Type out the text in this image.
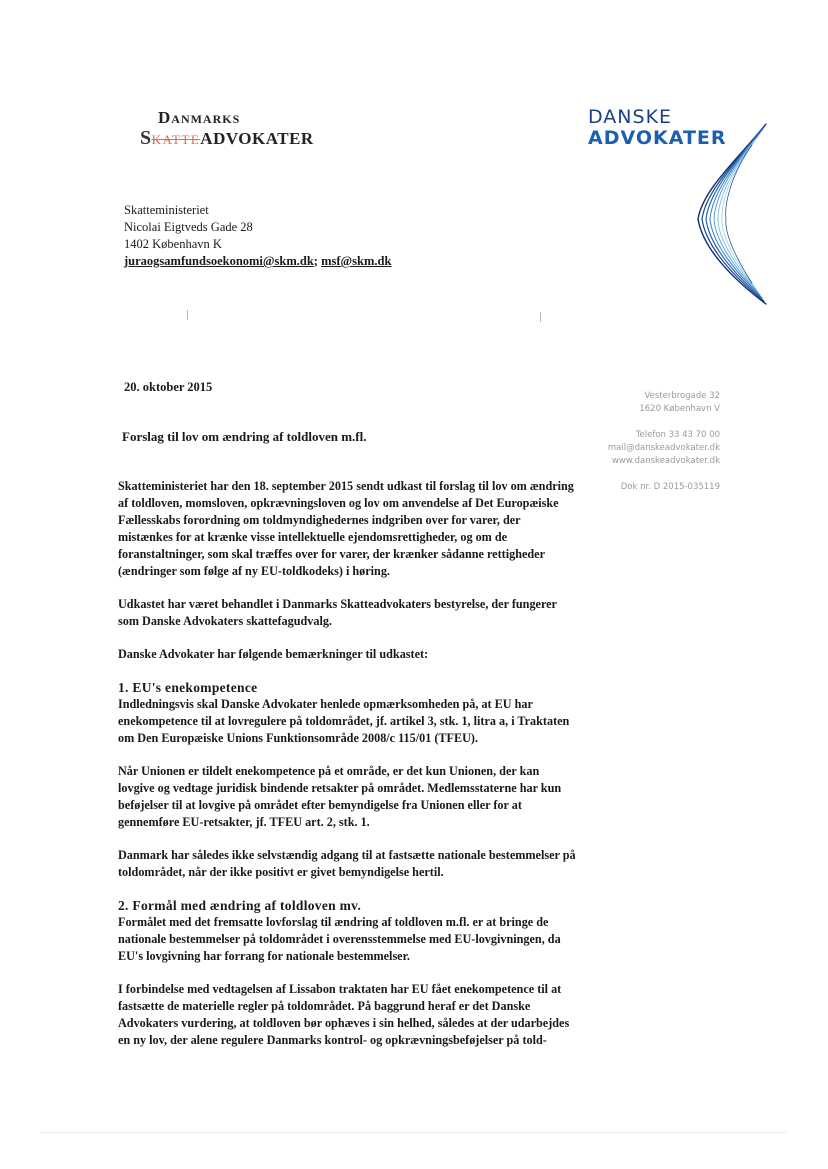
Danmarks
SKATTEADVOKATER
DANSKE
ADVOKATER
Skatteministeriet
Nicolai Eigtveds Gade 28
1402 København K
juraogsamfundsoekonomi@skm.dk; msf@skm.dk
20. oktober 2015
Forslag til lov om ændring af toldloven m.fl.
Vesterbrogade 32
1620 København V
Telefon 33 43 70 00
mail@danskeadvokater.dk
www.danskeadvokater.dk
Dok nr. D 2015-035119

Skatteministeriet har den 18. september 2015 sendt udkast til forslag til lov om ændring af toldloven, momsloven, opkrævningsloven og lov om anvendelse af Det Europæiske Fællesskabs forordning om toldmyndighedernes indgriben over for varer, der mistænkes for at krænke visse intellektuelle ejendomsrettigheder, og om de foranstaltninger, som skal træffes over for varer, der krænker sådanne rettigheder (ændringer som følge af ny EU-toldkodeks) i høring.

Udkastet har været behandlet i Danmarks Skatteadvokaters bestyrelse, der fungerer som Danske Advokaters skattefagudvalg.

Danske Advokater har følgende bemærkninger til udkastet:

1. EU's enekompetence

Indledningsvis skal Danske Advokater henlede opmærksomheden på, at EU har enekompetence til at lovregulere på toldområdet, jf. artikel 3, stk. 1, litra a, i Traktaten om Den Europæiske Unions Funktionsområde 2008/c 115/01 (TFEU).

Når Unionen er tildelt enekompetence på et område, er det kun Unionen, der kan lovgive og vedtage juridisk bindende retsakter på området. Medlemsstaterne har kun beføjelser til at lovgive på området efter bemyndigelse fra Unionen eller for at gennemføre EU-retsakter, jf. TFEU art. 2, stk. 1.

Danmark har således ikke selvstændig adgang til at fastsætte nationale bestemmelser på toldområdet, når der ikke positivt er givet bemyndigelse hertil.

2. Formål med ændring af toldloven mv.

Formålet med det fremsatte lovforslag til ændring af toldloven m.fl. er at bringe de nationale bestemmelser på toldområdet i overensstemmelse med EU-lovgivningen, da EU's lovgivning har forrang for nationale bestemmelser.

I forbindelse med vedtagelsen af Lissabon traktaten har EU fået enekompetence til at fastsætte de materielle regler på toldområdet. På baggrund heraf er det Danske Advokaters vurdering, at toldloven bør ophæves i sin helhed, således at der udarbejdes en ny lov, der alene regulere Danmarks kontrol- og opkrævningsbeføjelser på told-
